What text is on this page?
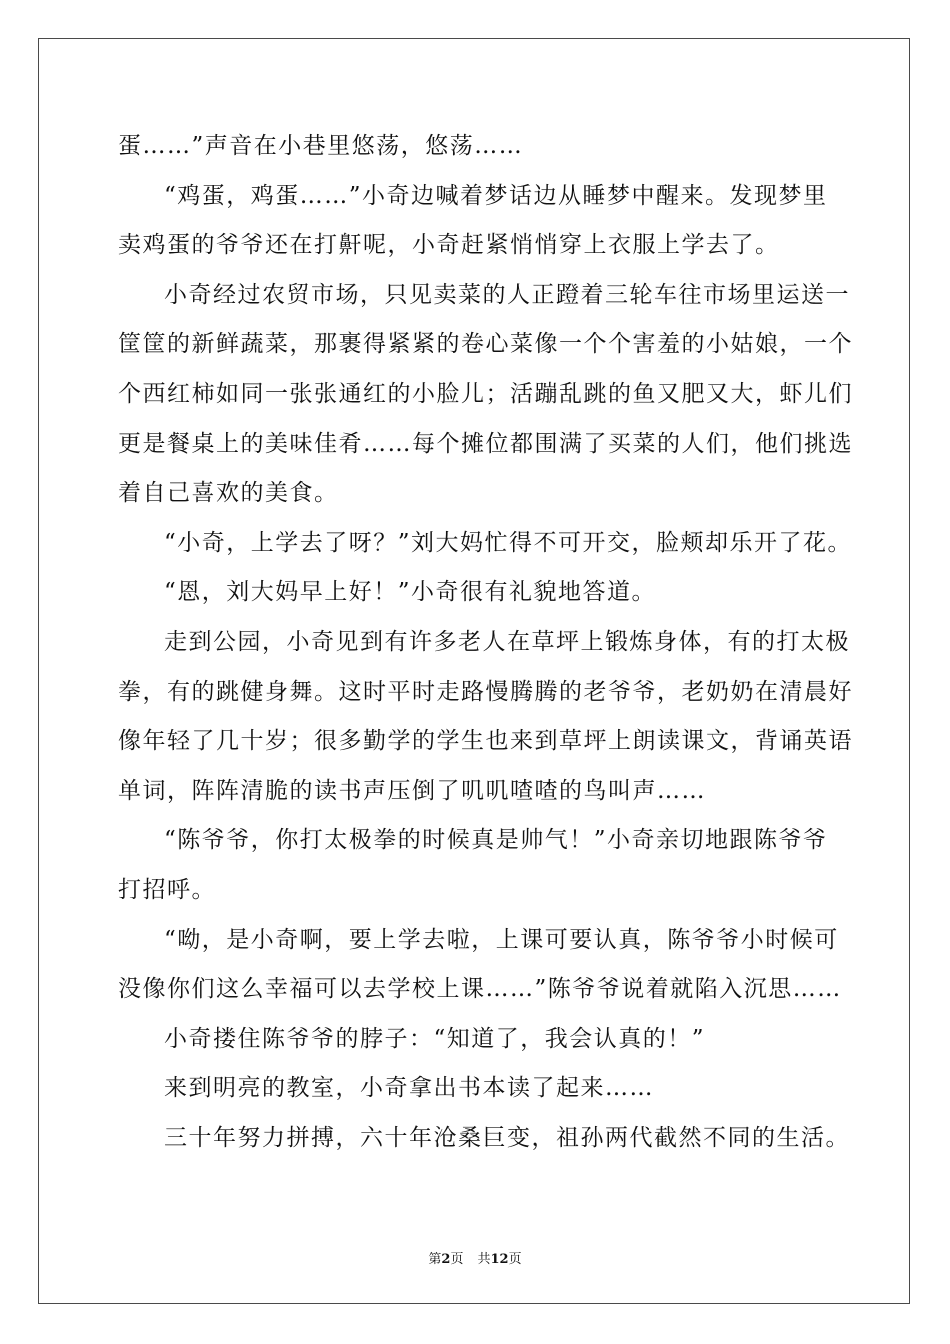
蛋……”声音在小巷里悠荡，悠荡……
“鸡蛋，鸡蛋……”小奇边喊着梦话边从睡梦中醒来。发现梦里
卖鸡蛋的爷爷还在打鼾呢，小奇赶紧悄悄穿上衣服上学去了。
小奇经过农贸市场，只见卖菜的人正蹬着三轮车往市场里运送一
筐筐的新鲜蔬菜，那裹得紧紧的卷心菜像一个个害羞的小姑娘，一个
个西红柿如同一张张通红的小脸儿；活蹦乱跳的鱼又肥又大，虾儿们
更是餐桌上的美味佳肴……每个摊位都围满了买菜的人们，他们挑选
着自己喜欢的美食。
“小奇，上学去了呀？”刘大妈忙得不可开交，脸颊却乐开了花。
“恩，刘大妈早上好！”小奇很有礼貌地答道。
走到公园，小奇见到有许多老人在草坪上锻炼身体，有的打太极
拳，有的跳健身舞。这时平时走路慢腾腾的老爷爷，老奶奶在清晨好
像年轻了几十岁；很多勤学的学生也来到草坪上朗读课文，背诵英语
单词，阵阵清脆的读书声压倒了叽叽喳喳的鸟叫声……
“陈爷爷，你打太极拳的时候真是帅气！”小奇亲切地跟陈爷爷
打招呼。
“呦，是小奇啊，要上学去啦，上课可要认真，陈爷爷小时候可
没像你们这么幸福可以去学校上课……”陈爷爷说着就陷入沉思……
小奇搂住陈爷爷的脖子：“知道了，我会认真的！”
来到明亮的教室，小奇拿出书本读了起来……
三十年努力拼搏，六十年沧桑巨变，祖孙两代截然不同的生活。
第2页 共12页
